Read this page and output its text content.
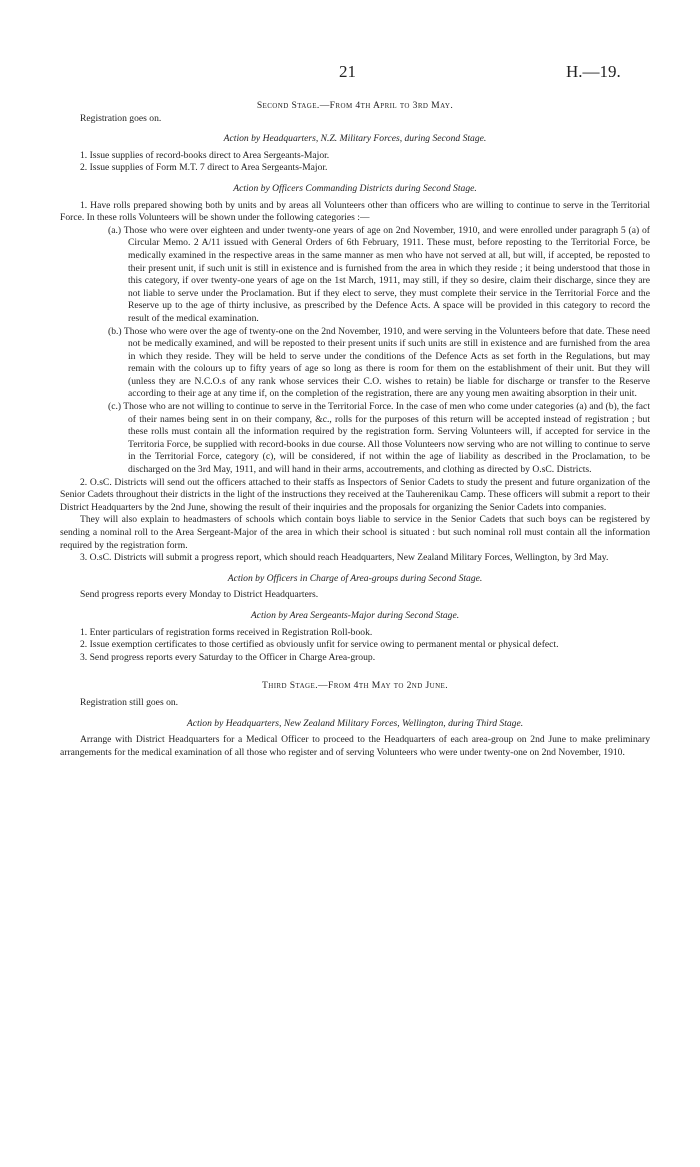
21	H.—19.

Second Stage.—From 4th April to 3rd May.

Registration goes on.

Action by Headquarters, N.Z. Military Forces, during Second Stage.

1. Issue supplies of record-books direct to Area Sergeants-Major.

2. Issue supplies of Form M.T. 7 direct to Area Sergeants-Major.

Action by Officers Commanding Districts during Second Stage.

1. Have rolls prepared showing both by units and by areas all Volunteers other than officers who are willing to continue to serve in the Territorial Force. In these rolls Volunteers will be shown under the following categories :—

(a.) Those who were over eighteen and under twenty-one years of age on 2nd November, 1910, and were enrolled under paragraph 5 (a) of Circular Memo. 2 A/11 issued with General Orders of 6th February, 1911. These must, before reposting to the Territorial Force, be medically examined in the respective areas in the same manner as men who have not served at all, but will, if accepted, be reposted to their present unit, if such unit is still in existence and is furnished from the area in which they reside ; it being understood that those in this category, if over twenty-one years of age on the 1st March, 1911, may still, if they so desire, claim their discharge, since they are not liable to serve under the Proclamation. But if they elect to serve, they must complete their service in the Territorial Force and the Reserve up to the age of thirty inclusive, as prescribed by the Defence Acts. A space will be provided in this category to record the result of the medical examination.

(b.) Those who were over the age of twenty-one on the 2nd November, 1910, and were serving in the Volunteers before that date. These need not be medically examined, and will be reposted to their present units if such units are still in existence and are furnished from the area in which they reside. They will be held to serve under the conditions of the Defence Acts as set forth in the Regulations, but may remain with the colours up to fifty years of age so long as there is room for them on the establishment of their unit. But they will (unless they are N.C.O.s of any rank whose services their C.O. wishes to retain) be liable for discharge or transfer to the Reserve according to their age at any time if, on the completion of the registration, there are any young men awaiting absorption in their unit.

(c.) Those who are not willing to continue to serve in the Territorial Force. In the case of men who come under categories (a) and (b), the fact of their names being sent in on their company, &c., rolls for the purposes of this return will be accepted instead of registration ; but these rolls must contain all the information required by the registration form. Serving Volunteers will, if accepted for service in the Territoria Force, be supplied with record-books in due course. All those Volunteers now serving who are not willing to continue to serve in the Territorial Force, category (c), will be considered, if not within the age of liability as described in the Proclamation, to be discharged on the 3rd May, 1911, and will hand in their arms, accoutrements, and clothing as directed by O.sC. Districts.

2. O.sC. Districts will send out the officers attached to their staffs as Inspectors of Senior Cadets to study the present and future organization of the Senior Cadets throughout their districts in the light of the instructions they received at the Tauherenikau Camp. These officers will submit a report to their District Headquarters by the 2nd June, showing the result of their inquiries and the proposals for organizing the Senior Cadets into companies.

They will also explain to headmasters of schools which contain boys liable to service in the Senior Cadets that such boys can be registered by sending a nominal roll to the Area Sergeant-Major of the area in which their school is situated : but such nominal roll must contain all the information required by the registration form.

3. O.sC. Districts will submit a progress report, which should reach Headquarters, New Zealand Military Forces, Wellington, by 3rd May.

Action by Officers in Charge of Area-groups during Second Stage.

Send progress reports every Monday to District Headquarters.

Action by Area Sergeants-Major during Second Stage.

1. Enter particulars of registration forms received in Registration Roll-book.

2. Issue exemption certificates to those certified as obviously unfit for service owing to permanent mental or physical defect.

3. Send progress reports every Saturday to the Officer in Charge Area-group.

Third Stage.—From 4th May to 2nd June.

Registration still goes on.

Action by Headquarters, New Zealand Military Forces, Wellington, during Third Stage.

Arrange with District Headquarters for a Medical Officer to proceed to the Headquarters of each area-group on 2nd June to make preliminary arrangements for the medical examination of all those who register and of serving Volunteers who were under twenty-one on 2nd November, 1910.
